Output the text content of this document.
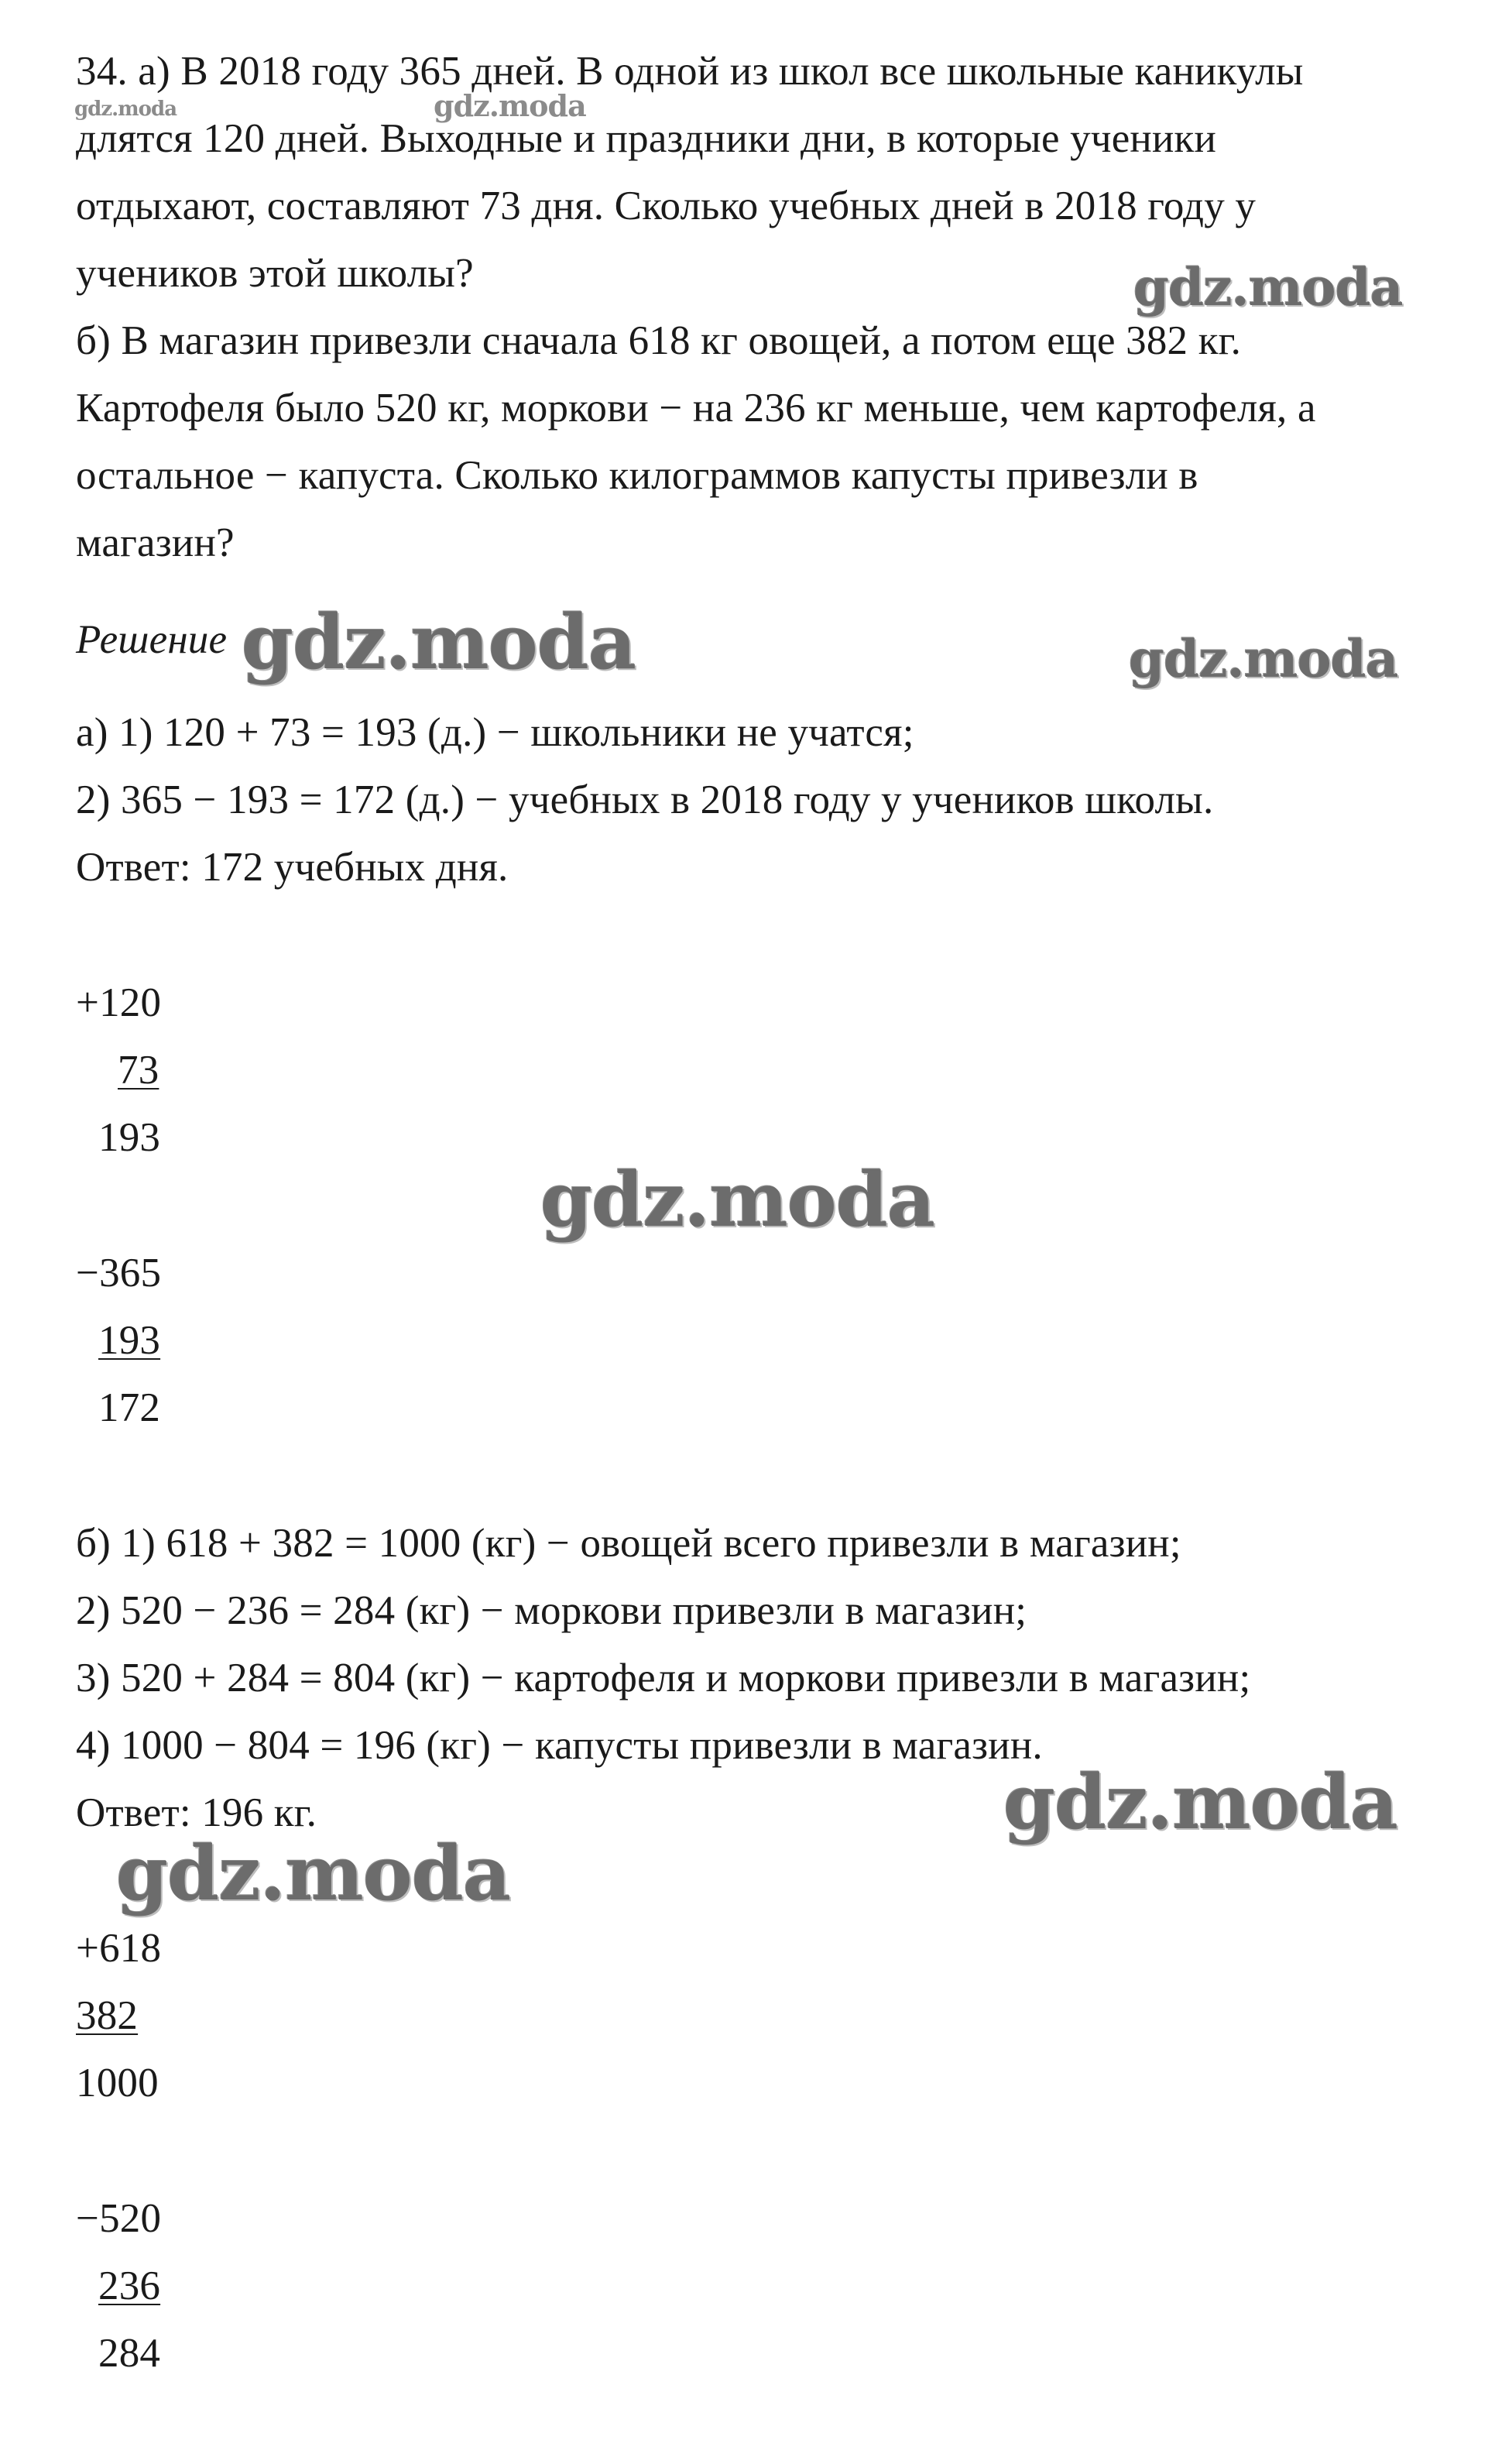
34. а) В 2018 году 365 дней. В одной из школ все школьные каникулы
длятся 120 дней. Выходные и праздники дни, в которые ученики
отдыхают, составляют 73 дня. Сколько учебных дней в 2018 году у
учеников этой школы?
б) В магазин привезли сначала 618 кг овощей, а потом еще 382 кг.
Картофеля было 520 кг, моркови − на 236 кг меньше, чем картофеля, а
остальное − капуста. Сколько килограммов капусты привезли в
магазин?
Решение
а) 1) 120 + 73 = 193 (д.) − школьники не учатся;
2) 365 − 193 = 172 (д.) − учебных в 2018 году у учеников школы.
Ответ: 172 учебных дня.
+120
73
193
−365
193
172
б) 1) 618 + 382 = 1000 (кг) − овощей всего привезли в магазин;
2) 520 − 236 = 284 (кг) − моркови привезли в магазин;
3) 520 + 284 = 804 (кг) − картофеля и моркови привезли в магазин;
4) 1000 − 804 = 196 (кг) − капусты привезли в магазин.
Ответ: 196 кг.
+618
382
1000
−520
236
284
gdz.moda	gdz.moda
gdz.moda
gdz.moda	gdz.moda
gdz.moda
gdz.moda
gdz.moda
